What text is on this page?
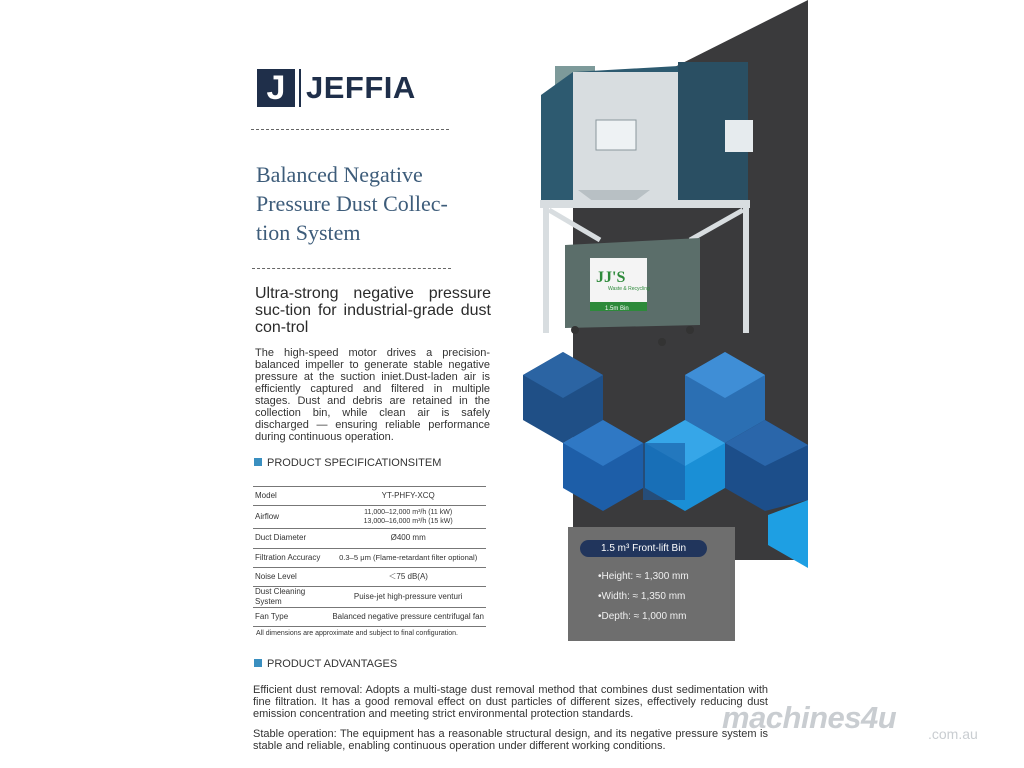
J JEFFIA
Balanced Negative
Pressure Dust Collec-
tion System
Ultra-strong negative pressure suc-tion for industrial-grade dust con-trol
The high-speed motor drives a precision-balanced impeller to generate stable negative pressure at the suction iniet.Dust-laden air is efficiently captured and filtered in multiple stages. Dust and debris are retained in the collection bin, while clean air is safely discharged — ensuring reliable performance during continuous operation.
PRODUCT SPECIFICATIONSITEM
Model	YT-PHFY-XCQ
Airflow	11,000–12,000 m³/h (11 kW)
13,000–16,000 m³/h (15 kW)

Duct Diameter	Ø400 mm
Filtration Accuracy	0.3–5 μm (Flame-retardant filter optional)
Noise Level	＜75 dB(A)
Dust Cleaning System	Puise-jet high-pressure venturi
Fan Type	Balanced negative pressure centrifugal fan
All dimensions are approximate and subject to final configuration.
PRODUCT ADVANTAGES
Efficient dust removal: Adopts a multi-stage dust removal method that combines dust sedimentation with fine filtration. It has a good removal effect on dust particles of different sizes, effectively reducing dust emission concentration and meeting strict environmental protection standards.
Stable operation: The equipment has a reasonable structural design, and its negative pressure system is stable and reliable, enabling continuous operation under different working conditions.
JJ'S
Waste & Recycling
1.5m Bin
1.5 m³ Front-lift Bin
•Height: ≈ 1,300 mm
•Width: ≈ 1,350 mm
•Depth: ≈ 1,000 mm
machines4u .com.au
